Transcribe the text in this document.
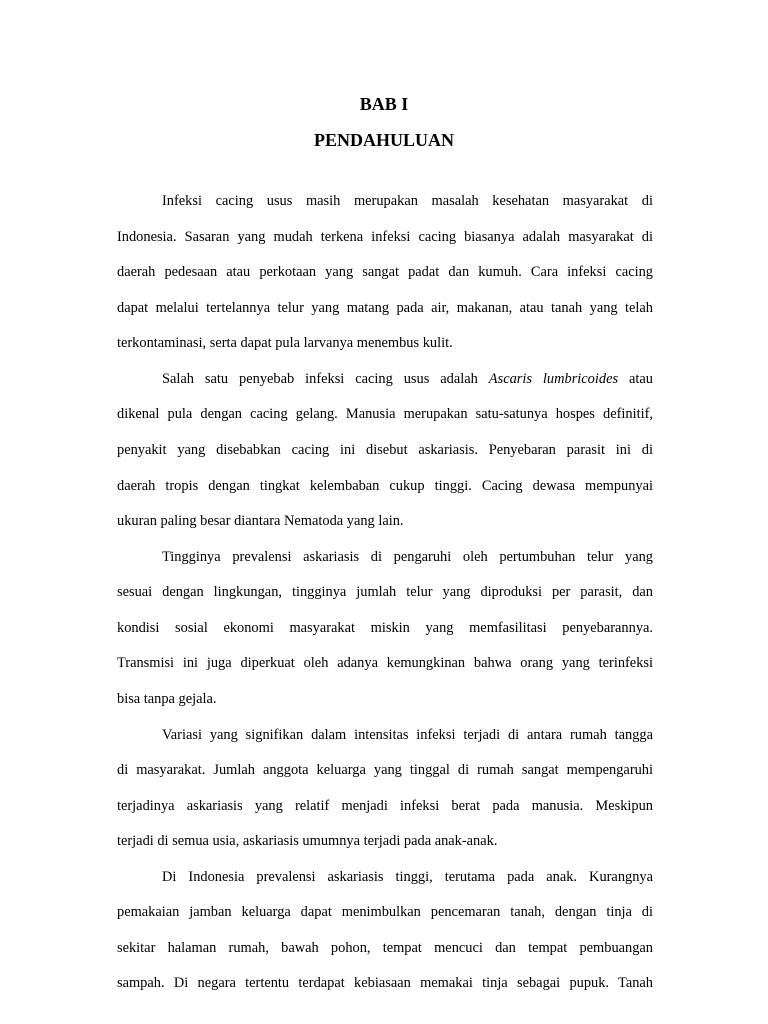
BAB I
PENDAHULUAN

Infeksi cacing usus masih merupakan masalah kesehatan masyarakat di

Indonesia. Sasaran yang mudah terkena infeksi cacing biasanya adalah masyarakat di

daerah pedesaan atau perkotaan yang sangat padat dan kumuh. Cara infeksi cacing

dapat melalui tertelannya telur yang matang pada air, makanan, atau tanah yang telah

terkontaminasi, serta dapat pula larvanya menembus kulit.

Salah satu penyebab infeksi cacing usus adalah Ascaris lumbricoides atau

dikenal pula dengan cacing gelang. Manusia merupakan satu-satunya hospes definitif,

penyakit yang disebabkan cacing ini disebut askariasis. Penyebaran parasit ini di

daerah tropis dengan tingkat kelembaban cukup tinggi. Cacing dewasa mempunyai

ukuran paling besar diantara Nematoda yang lain.

Tingginya prevalensi askariasis di pengaruhi oleh pertumbuhan telur yang

sesuai dengan lingkungan, tingginya jumlah telur yang diproduksi per parasit, dan

kondisi sosial ekonomi masyarakat miskin yang memfasilitasi penyebarannya.

Transmisi ini juga diperkuat oleh adanya kemungkinan bahwa orang yang terinfeksi

bisa tanpa gejala.

Variasi yang signifikan dalam intensitas infeksi terjadi di antara rumah tangga

di masyarakat. Jumlah anggota keluarga yang tinggal di rumah sangat mempengaruhi

terjadinya askariasis yang relatif menjadi infeksi berat pada manusia. Meskipun

terjadi di semua usia, askariasis umumnya terjadi pada anak-anak.

Di Indonesia prevalensi askariasis tinggi, terutama pada anak. Kurangnya

pemakaian jamban keluarga dapat menimbulkan pencemaran tanah, dengan tinja di

sekitar halaman rumah, bawah pohon, tempat mencuci dan tempat pembuangan

sampah. Di negara tertentu terdapat kebiasaan memakai tinja sebagai pupuk. Tanah
